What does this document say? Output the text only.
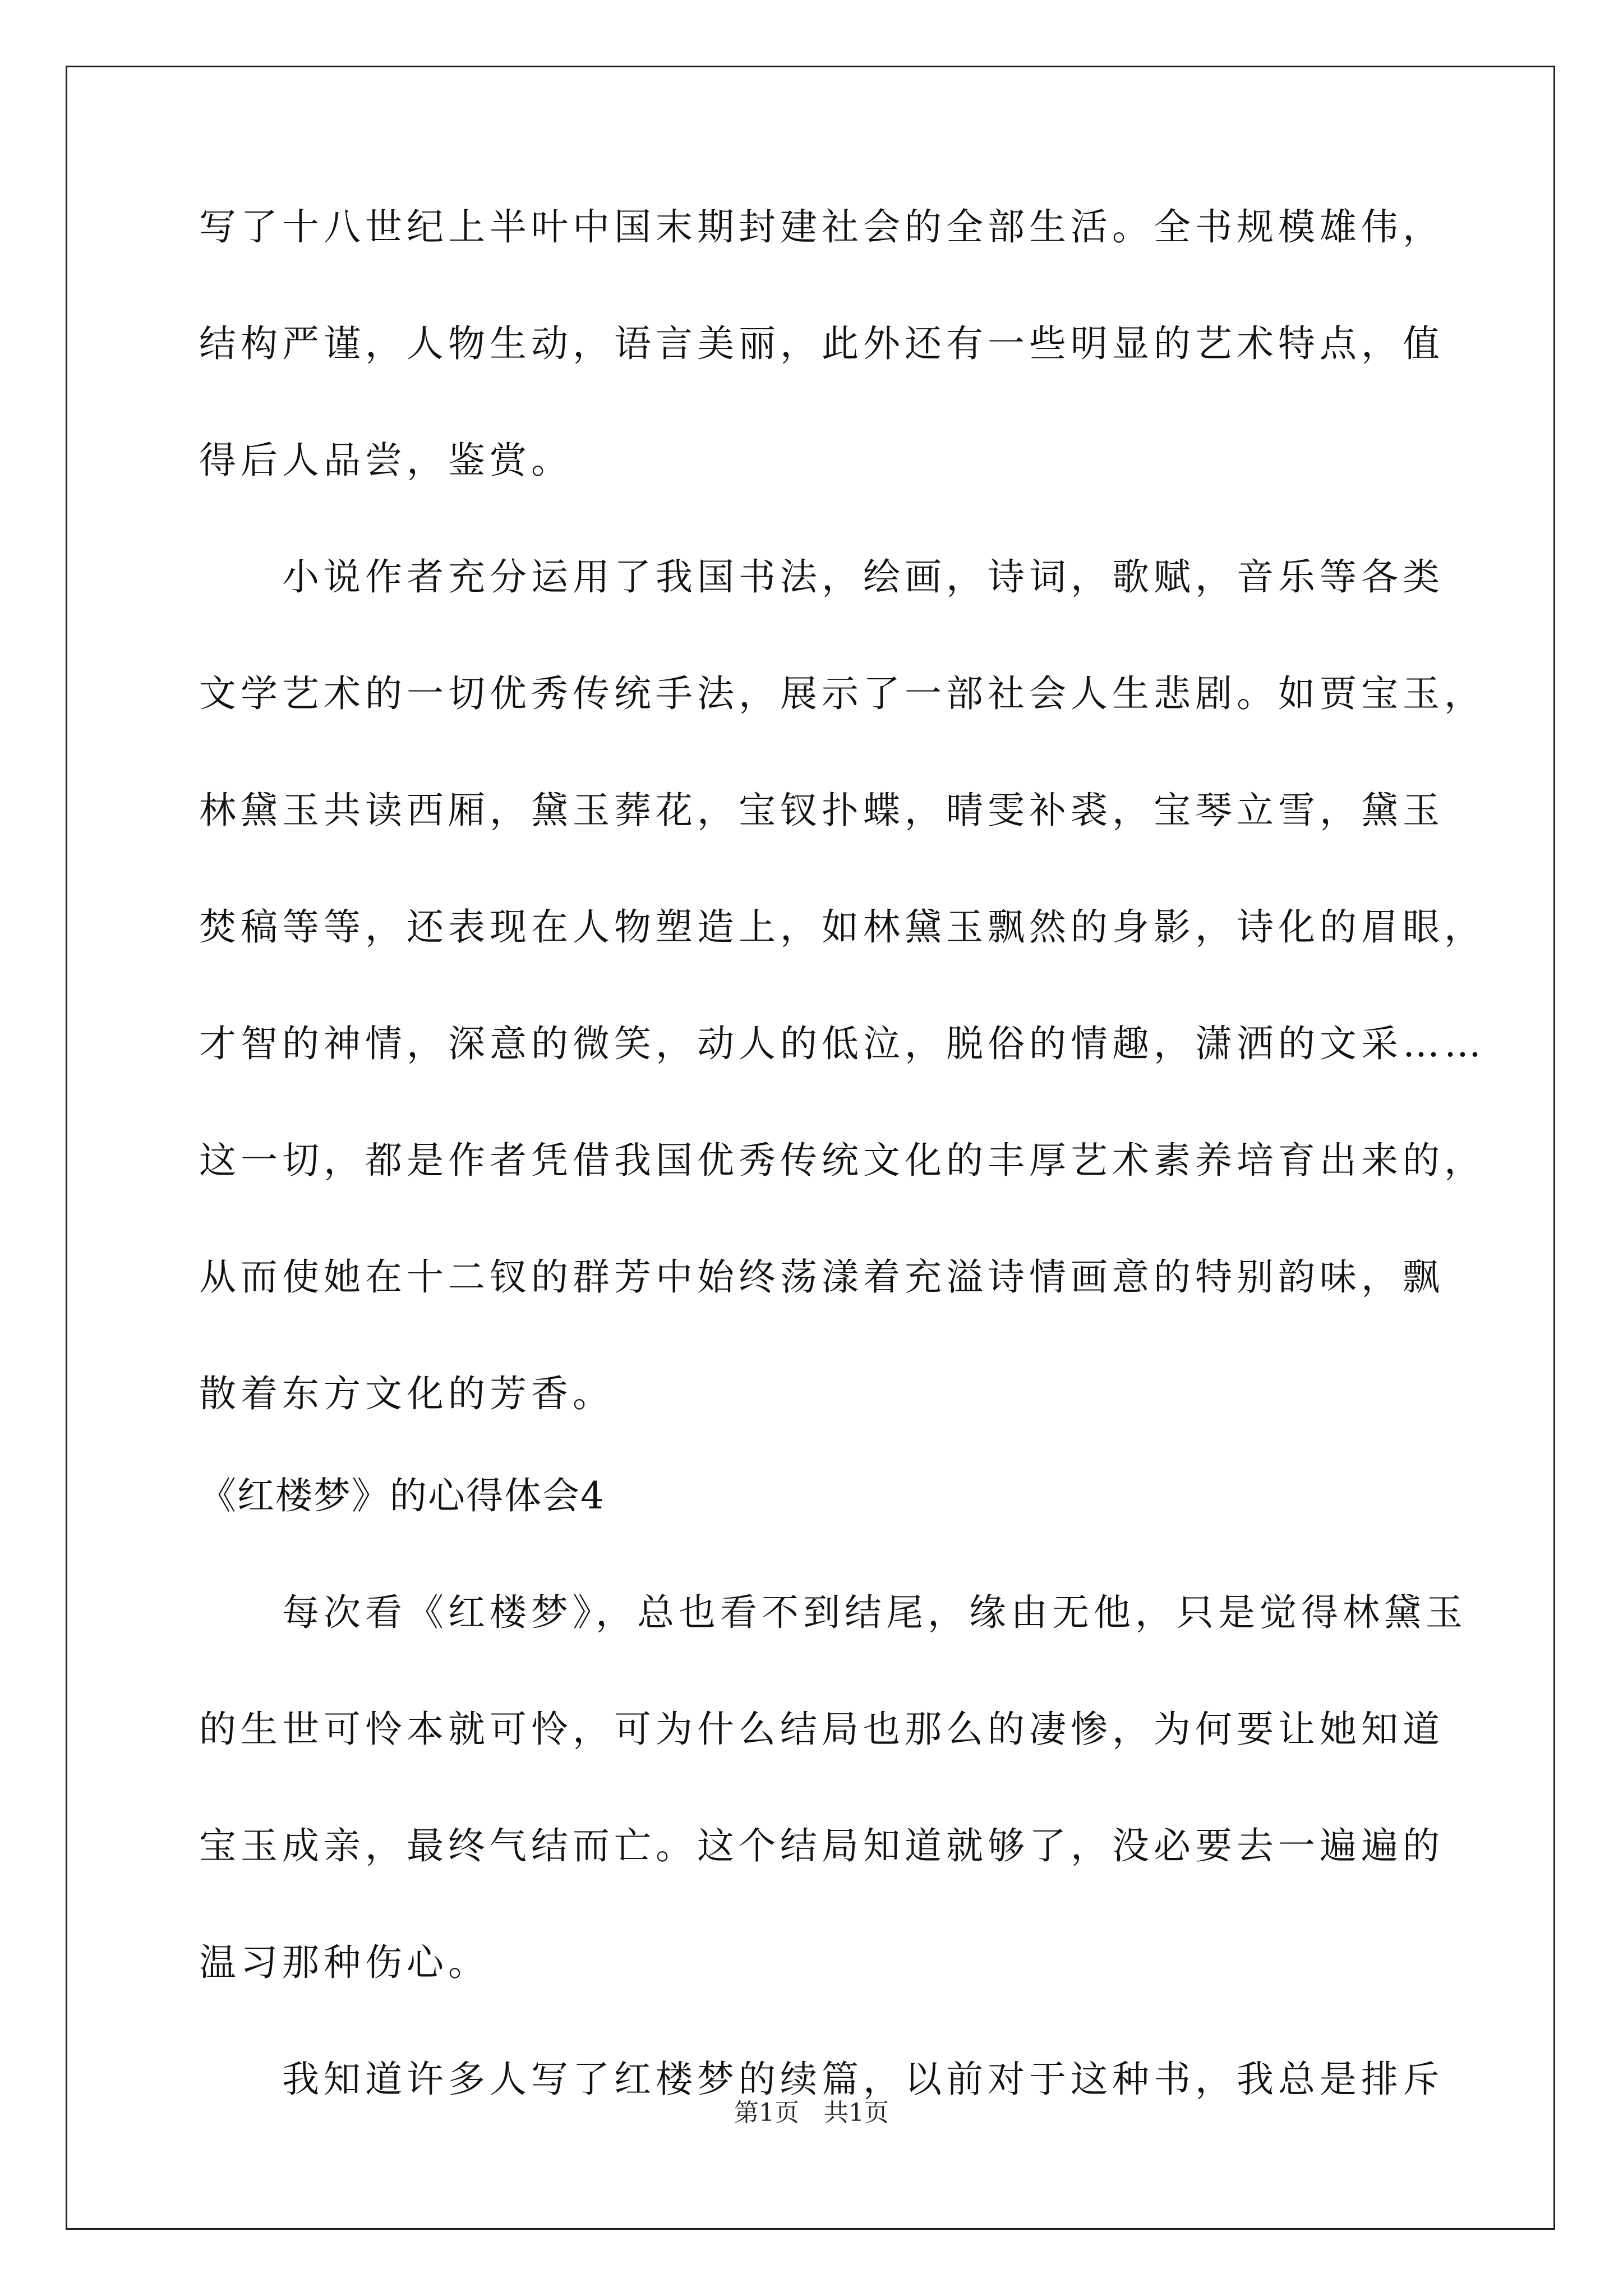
写了十八世纪上半叶中国末期封建社会的全部生活。全书规模雄伟，
结构严谨，人物生动，语言美丽，此外还有一些明显的艺术特点，值
得后人品尝，鉴赏。
小说作者充分运用了我国书法，绘画，诗词，歌赋，音乐等各类
文学艺术的一切优秀传统手法，展示了一部社会人生悲剧。如贾宝玉，
林黛玉共读西厢，黛玉葬花，宝钗扑蝶，晴雯补裘，宝琴立雪，黛玉
焚稿等等，还表现在人物塑造上，如林黛玉飘然的身影，诗化的眉眼，
才智的神情，深意的微笑，动人的低泣，脱俗的情趣，潇洒的文采……
这一切，都是作者凭借我国优秀传统文化的丰厚艺术素养培育出来的，
从而使她在十二钗的群芳中始终荡漾着充溢诗情画意的特别韵味，飘
散着东方文化的芳香。
《红楼梦》的心得体会4
每次看《红楼梦》，总也看不到结尾，缘由无他，只是觉得林黛玉
的生世可怜本就可怜，可为什么结局也那么的凄惨，为何要让她知道
宝玉成亲，最终气结而亡。这个结局知道就够了，没必要去一遍遍的
温习那种伤心。
我知道许多人写了红楼梦的续篇，以前对于这种书，我总是排斥
第1页　共1页
